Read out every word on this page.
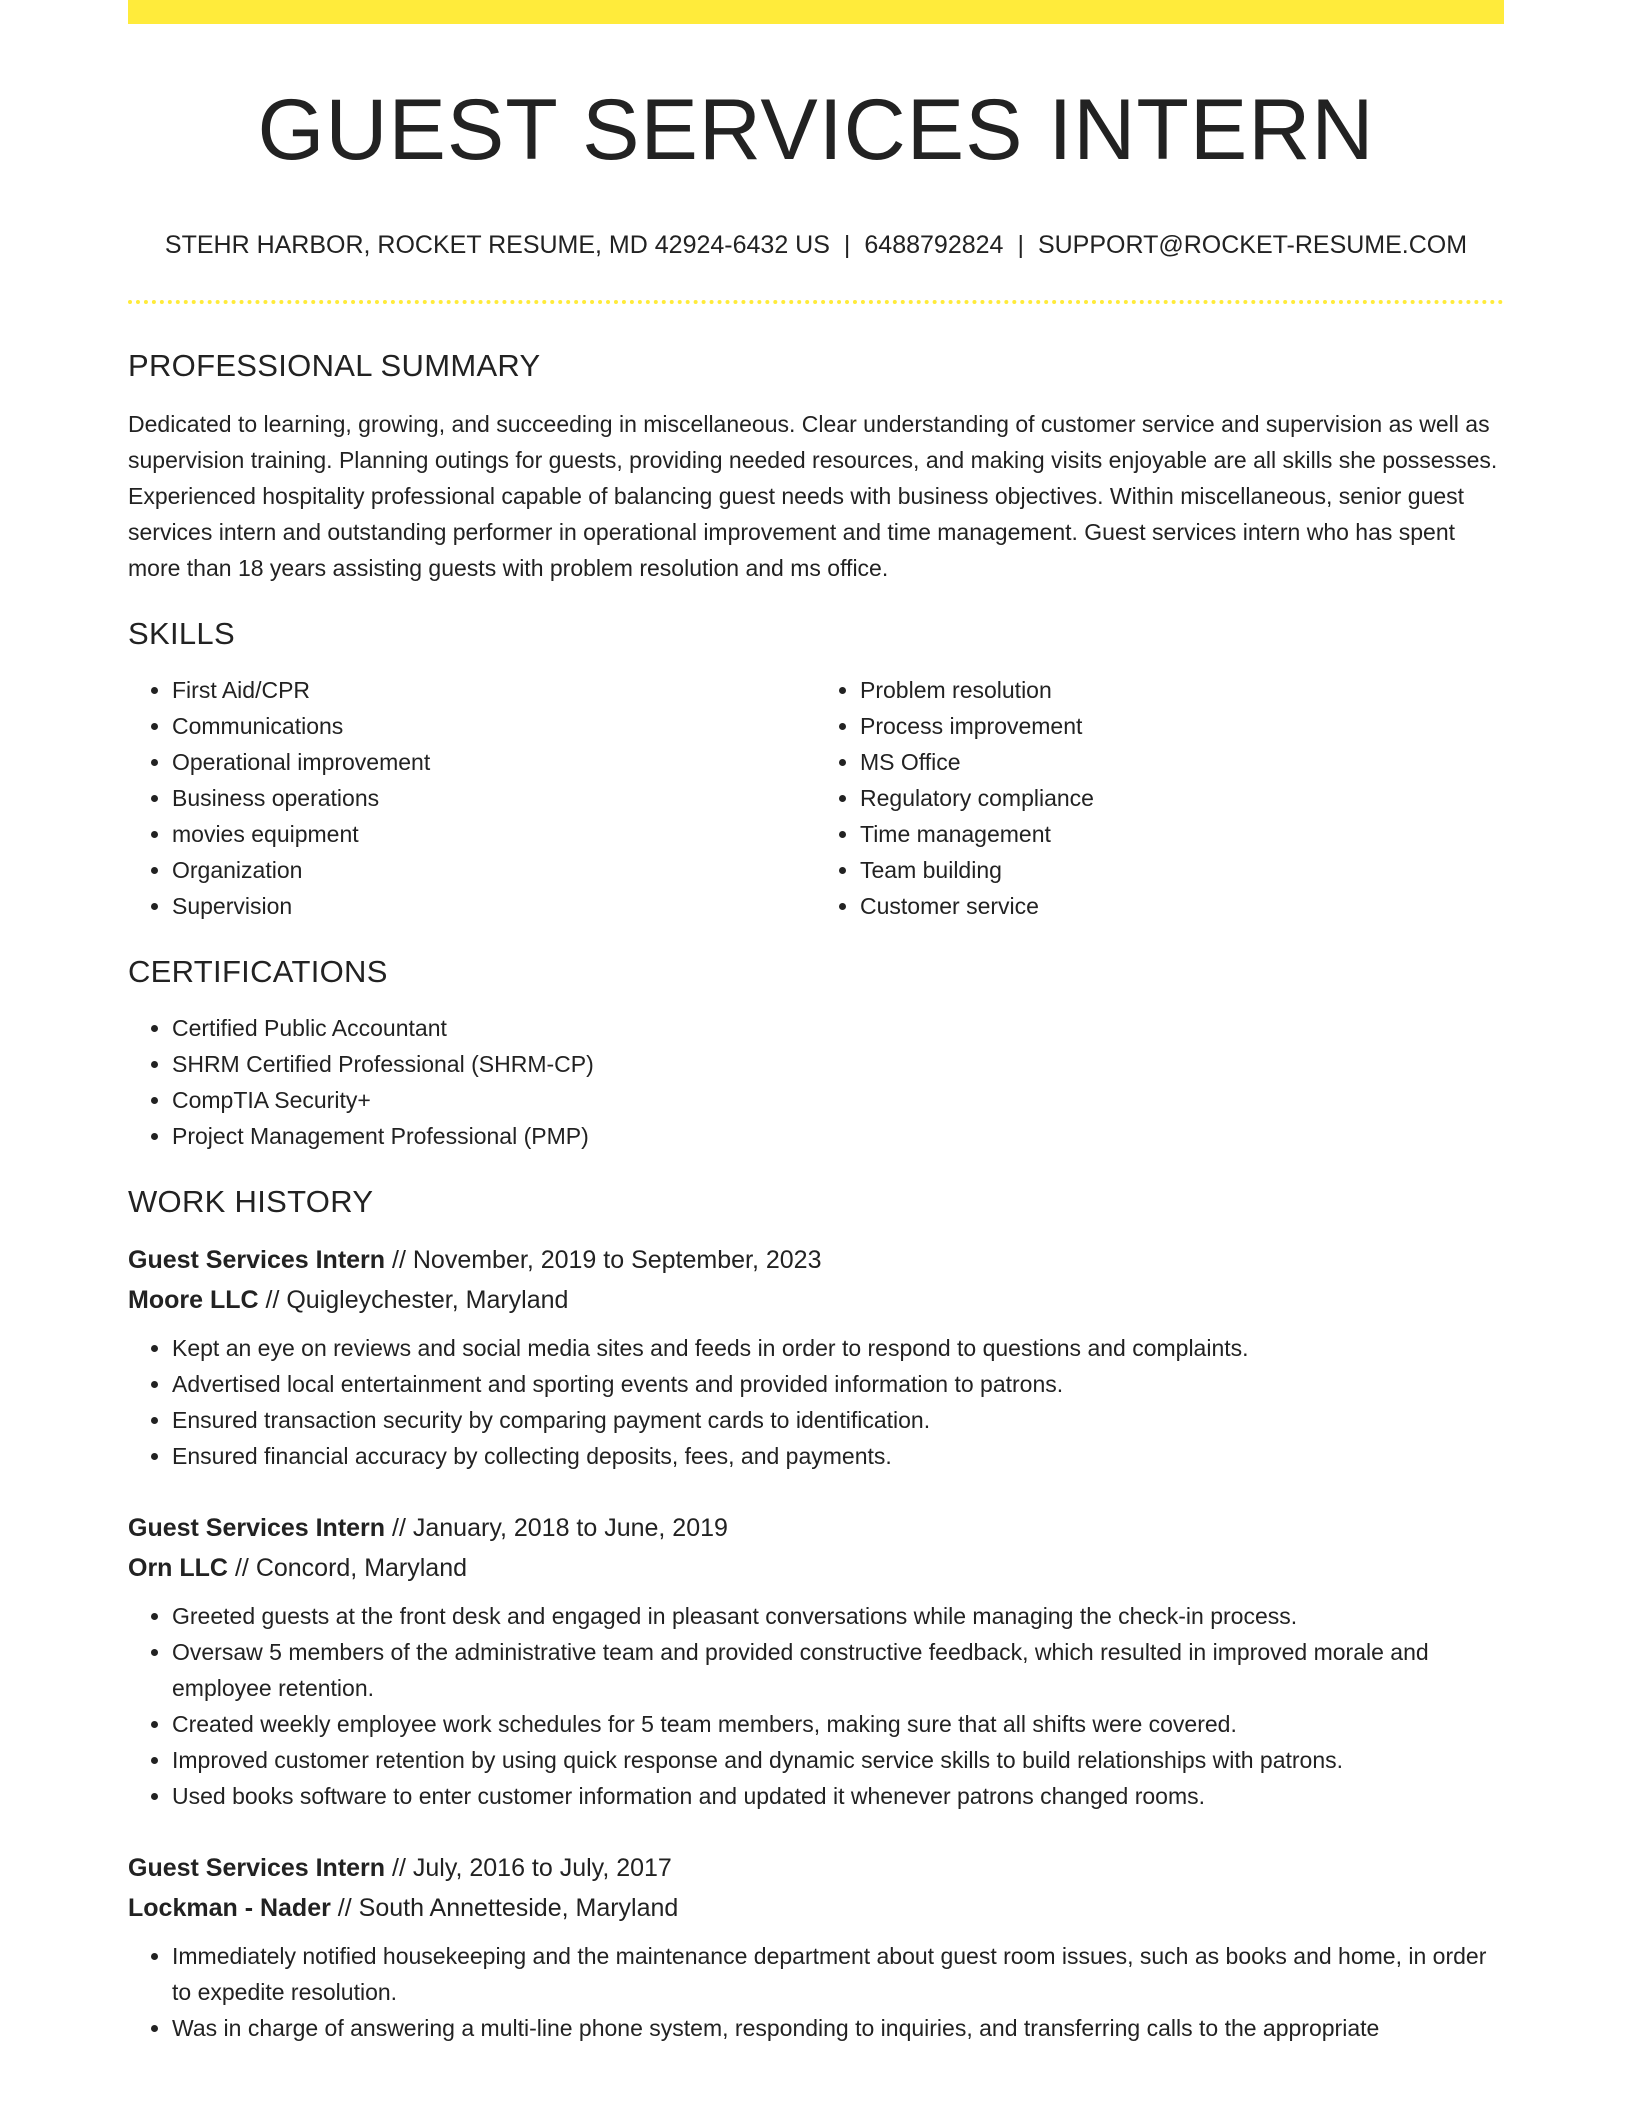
GUEST SERVICES INTERN
STEHR HARBOR, ROCKET RESUME, MD 42924-6432 US | 6488792824 | SUPPORT@ROCKET-RESUME.COM
PROFESSIONAL SUMMARY

Dedicated to learning, growing, and succeeding in miscellaneous. Clear understanding of customer service and supervision as well as supervision training. Planning outings for guests, providing needed resources, and making visits enjoyable are all skills she possesses. Experienced hospitality professional capable of balancing guest needs with business objectives. Within miscellaneous, senior guest services intern and outstanding performer in operational improvement and time management. Guest services intern who has spent more than 18 years assisting guests with problem resolution and ms office.

SKILLS
• First Aid/CPR
• Communications
• Operational improvement
• Business operations
• movies equipment
• Organization
• Supervision
• Problem resolution
• Process improvement
• MS Office
• Regulatory compliance
• Time management
• Team building
• Customer service
CERTIFICATIONS
• Certified Public Accountant
• SHRM Certified Professional (SHRM-CP)
• CompTIA Security+
• Project Management Professional (PMP)
WORK HISTORY
Guest Services Intern // November, 2019 to September, 2023
Moore LLC // Quigleychester, Maryland
• Kept an eye on reviews and social media sites and feeds in order to respond to questions and complaints.
• Advertised local entertainment and sporting events and provided information to patrons.
• Ensured transaction security by comparing payment cards to identification.
• Ensured financial accuracy by collecting deposits, fees, and payments.
Guest Services Intern // January, 2018 to June, 2019
Orn LLC // Concord, Maryland
• Greeted guests at the front desk and engaged in pleasant conversations while managing the check-in process.
• Oversaw 5 members of the administrative team and provided constructive feedback, which resulted in improved morale and employee retention.
• Created weekly employee work schedules for 5 team members, making sure that all shifts were covered.
• Improved customer retention by using quick response and dynamic service skills to build relationships with patrons.
• Used books software to enter customer information and updated it whenever patrons changed rooms.
Guest Services Intern // July, 2016 to July, 2017
Lockman - Nader // South Annetteside, Maryland
• Immediately notified housekeeping and the maintenance department about guest room issues, such as books and home, in order to expedite resolution.
• Was in charge of answering a multi-line phone system, responding to inquiries, and transferring calls to the appropriate
